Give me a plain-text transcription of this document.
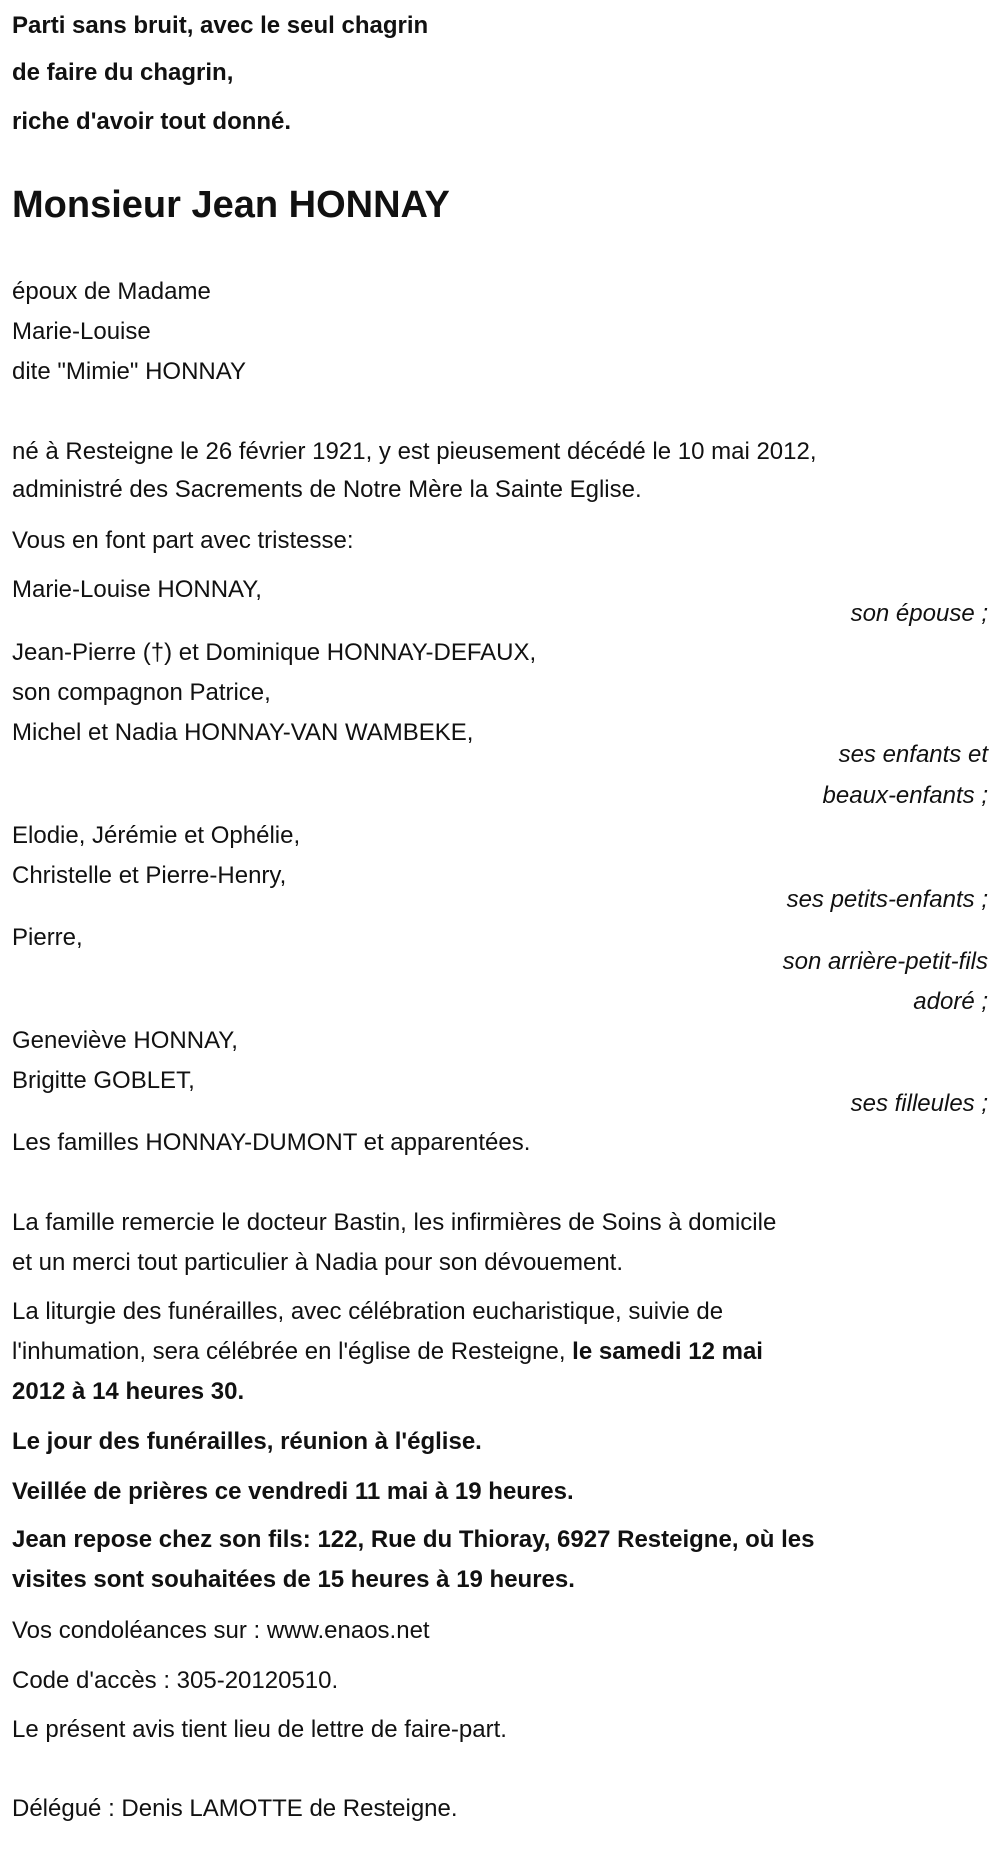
Parti sans bruit, avec le seul chagrin
de faire du chagrin,
riche d'avoir tout donné.
Monsieur Jean HONNAY
époux de Madame
Marie-Louise
dite "Mimie" HONNAY
né à Resteigne le 26 février 1921, y est pieusement décédé le 10 mai 2012,
administré des Sacrements de Notre Mère la Sainte Eglise.
Vous en font part avec tristesse:
Marie-Louise HONNAY,
son épouse ;
Jean-Pierre (†) et Dominique HONNAY-DEFAUX,
son compagnon Patrice,
Michel et Nadia HONNAY-VAN WAMBEKE,
ses enfants et
beaux-enfants ;
Elodie, Jérémie et Ophélie,
Christelle et Pierre-Henry,
ses petits-enfants ;
Pierre,
son arrière-petit-fils
adoré ;
Geneviève HONNAY,
Brigitte GOBLET,
ses filleules ;
Les familles HONNAY-DUMONT et apparentées.
La famille remercie le docteur Bastin, les infirmières de Soins à domicile
et un merci tout particulier à Nadia pour son dévouement.
La liturgie des funérailles, avec célébration eucharistique, suivie de
l'inhumation, sera célébrée en l'église de Resteigne, le samedi 12 mai
2012 à 14 heures 30.
Le jour des funérailles, réunion à l'église.
Veillée de prières ce vendredi 11 mai à 19 heures.
Jean repose chez son fils: 122, Rue du Thioray, 6927 Resteigne, où les
visites sont souhaitées de 15 heures à 19 heures.
Vos condoléances sur : www.enaos.net
Code d'accès : 305-20120510.
Le présent avis tient lieu de lettre de faire-part.
Délégué : Denis LAMOTTE de Resteigne.
